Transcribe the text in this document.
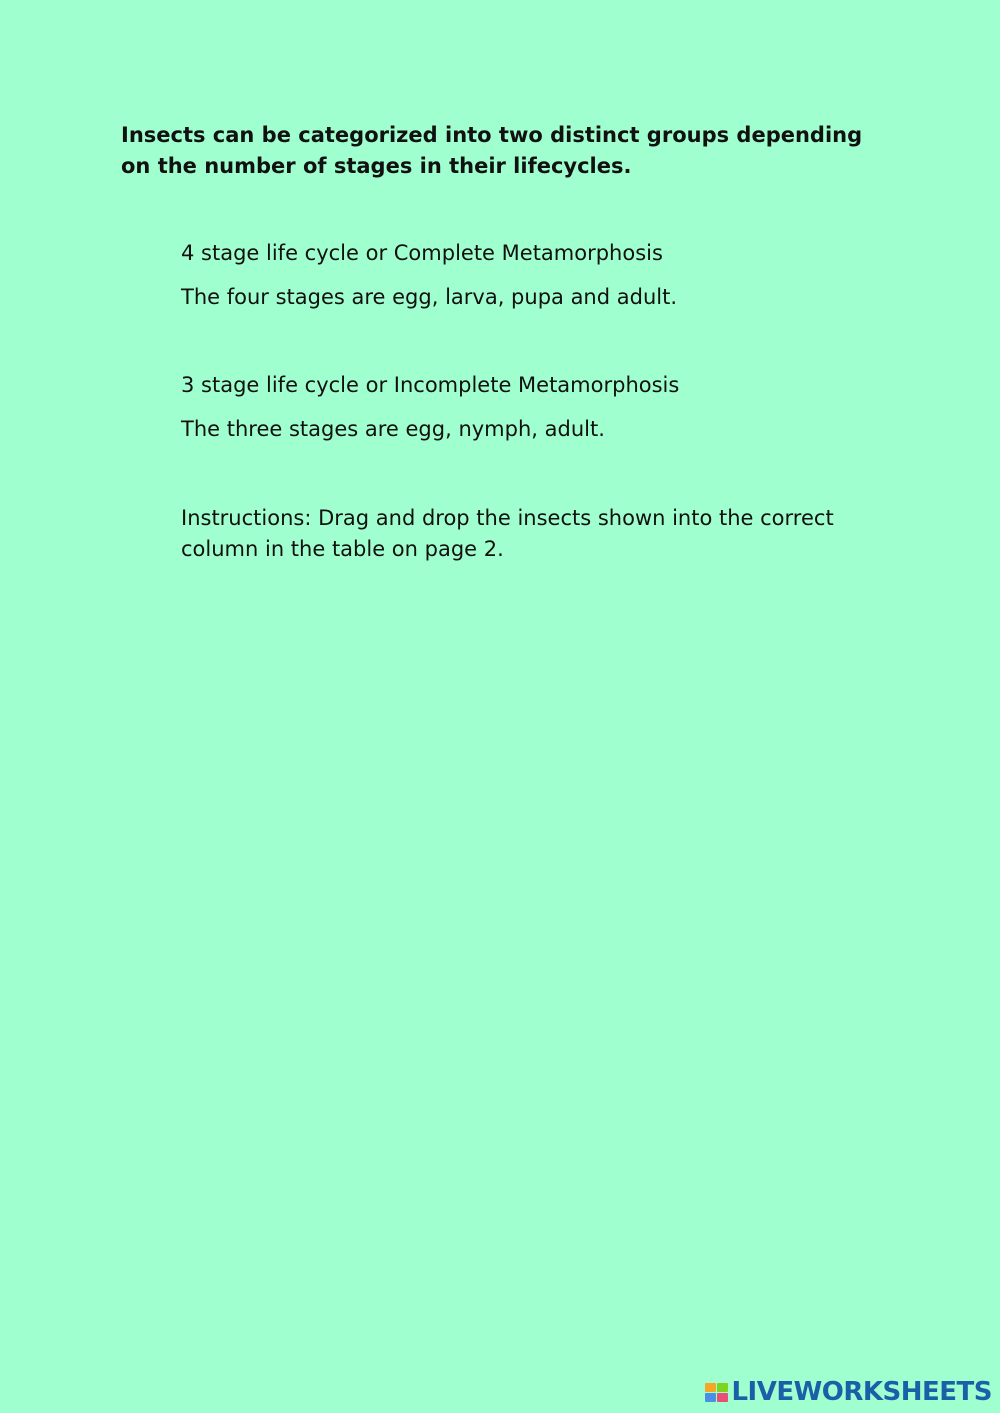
Insects can be categorized into two distinct groups depending on the number of stages in their lifecycles.

4 stage life cycle or Complete Metamorphosis

The four stages are egg, larva, pupa and adult.

3 stage life cycle or Incomplete Metamorphosis

The three stages are egg, nymph, adult.

Instructions: Drag and drop the insects shown into the correct column in the table on page 2.

LIVEWORKSHEETS
